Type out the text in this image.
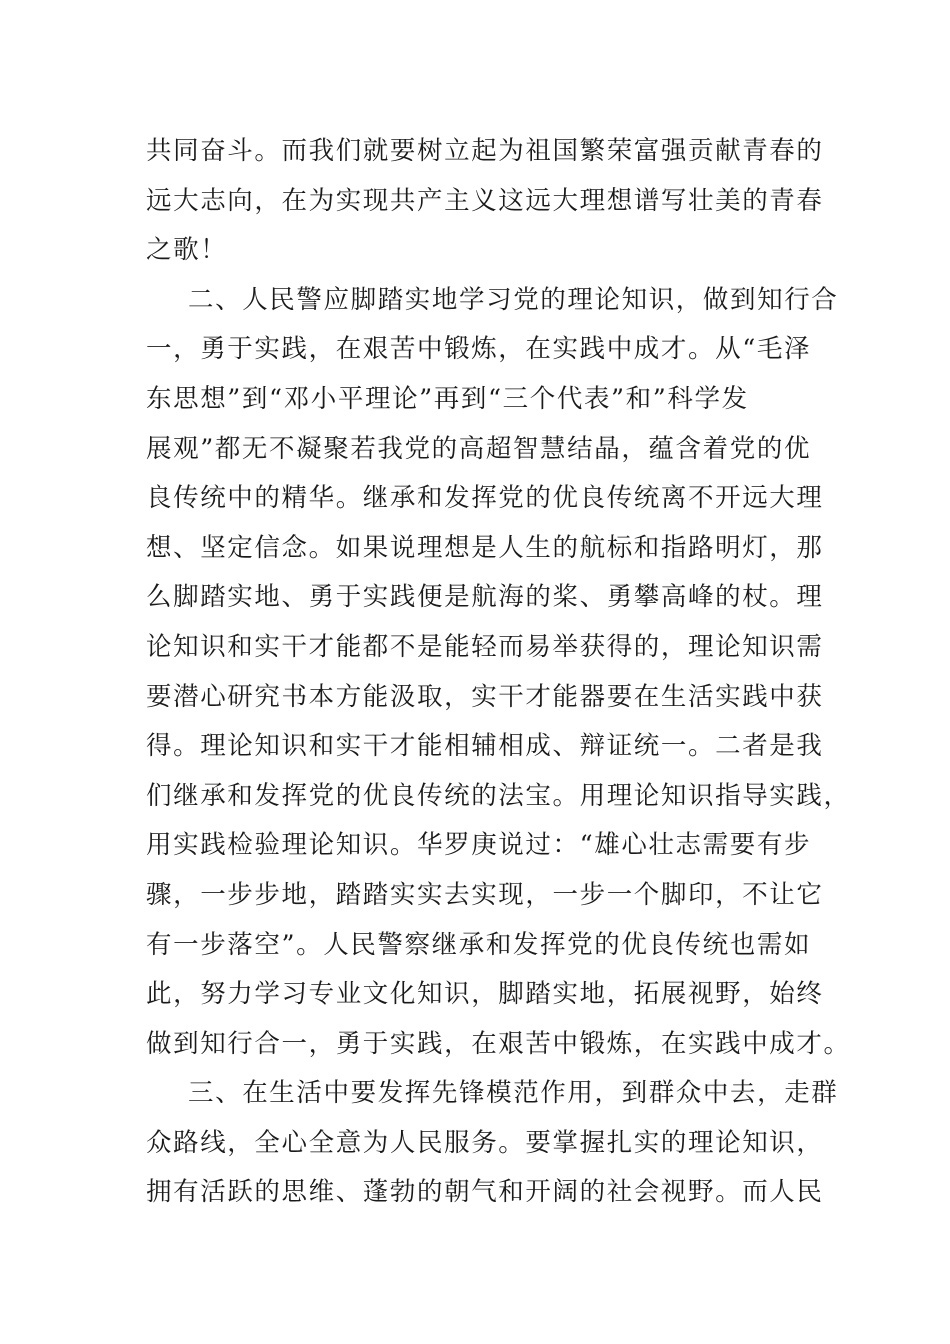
共同奋斗。而我们就要树立起为祖国繁荣富强贡献青春的
远大志向，在为实现共产主义这远大理想谱写壮美的青春
之歌！
二、人民警应脚踏实地学习党的理论知识，做到知行合
一，勇于实践，在艰苦中锻炼，在实践中成才。从“毛泽
东思想”到“邓小平理论”再到“三个代表”和”科学发
展观”都无不凝聚若我党的高超智慧结晶，蕴含着党的优
良传统中的精华。继承和发挥党的优良传统离不开远大理
想、坚定信念。如果说理想是人生的航标和指路明灯，那
么脚踏实地、勇于实践便是航海的桨、勇攀高峰的杖。理
论知识和实干才能都不是能轻而易举获得的，理论知识需
要潜心研究书本方能汲取，实干才能器要在生活实践中获
得。理论知识和实干才能相辅相成、辩证统一。二者是我
们继承和发挥党的优良传统的法宝。用理论知识指导实践，
用实践检验理论知识。华罗庚说过：“雄心壮志需要有步
骤，一步步地，踏踏实实去实现，一步一个脚印，不让它
有一步落空”。人民警察继承和发挥党的优良传统也需如
此，努力学习专业文化知识，脚踏实地，拓展视野，始终
做到知行合一，勇于实践，在艰苦中锻炼，在实践中成才。
三、在生活中要发挥先锋模范作用，到群众中去，走群
众路线，全心全意为人民服务。要掌握扎实的理论知识，
拥有活跃的思维、蓬勃的朝气和开阔的社会视野。而人民
